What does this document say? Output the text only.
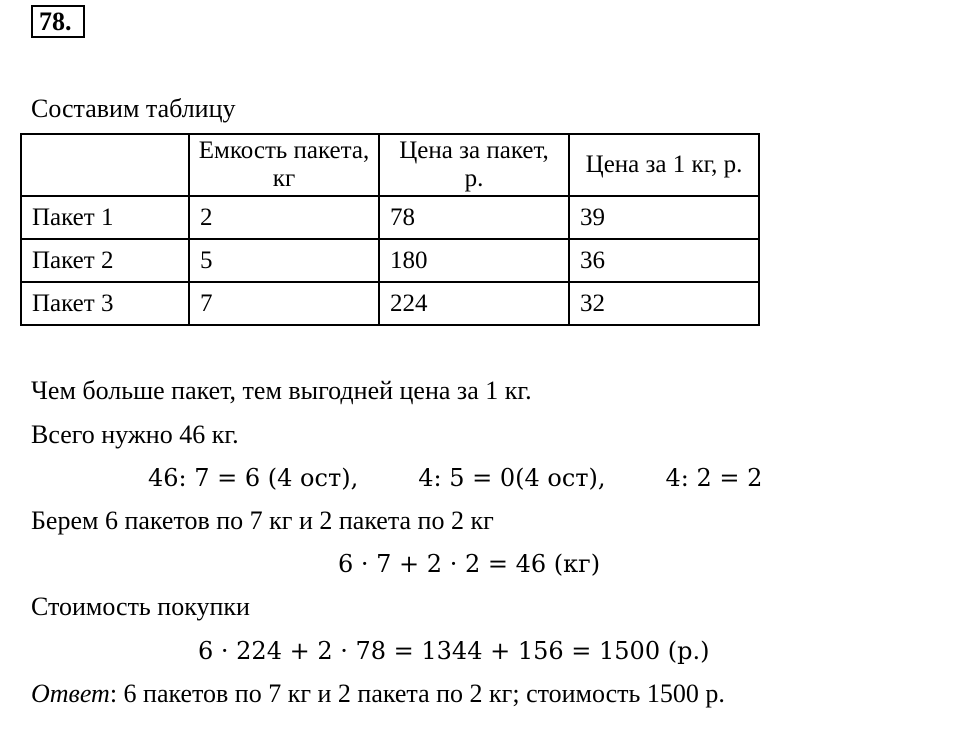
78.
Составим таблицу
	Емкость пакета, кг	Цена за пакет, р.	Цена за 1 кг, р.
Пакет 1	2	78	39
Пакет 2	5	180	36
Пакет 3	7	224	32
Чем больше пакет, тем выгодней цена за 1 кг.
Всего нужно 46 кг.
46: 7 = 6 (4 ост),	4: 5 = 0(4 ост),	4: 2 = 2
Берем 6 пакетов по 7 кг и 2 пакета по 2 кг
6 · 7 + 2 · 2 = 46 (кг)
Стоимость покупки
6 · 224 + 2 · 78 = 1344 + 156 = 1500 (р.)
Ответ: 6 пакетов по 7 кг и 2 пакета по 2 кг; стоимость 1500 р.
